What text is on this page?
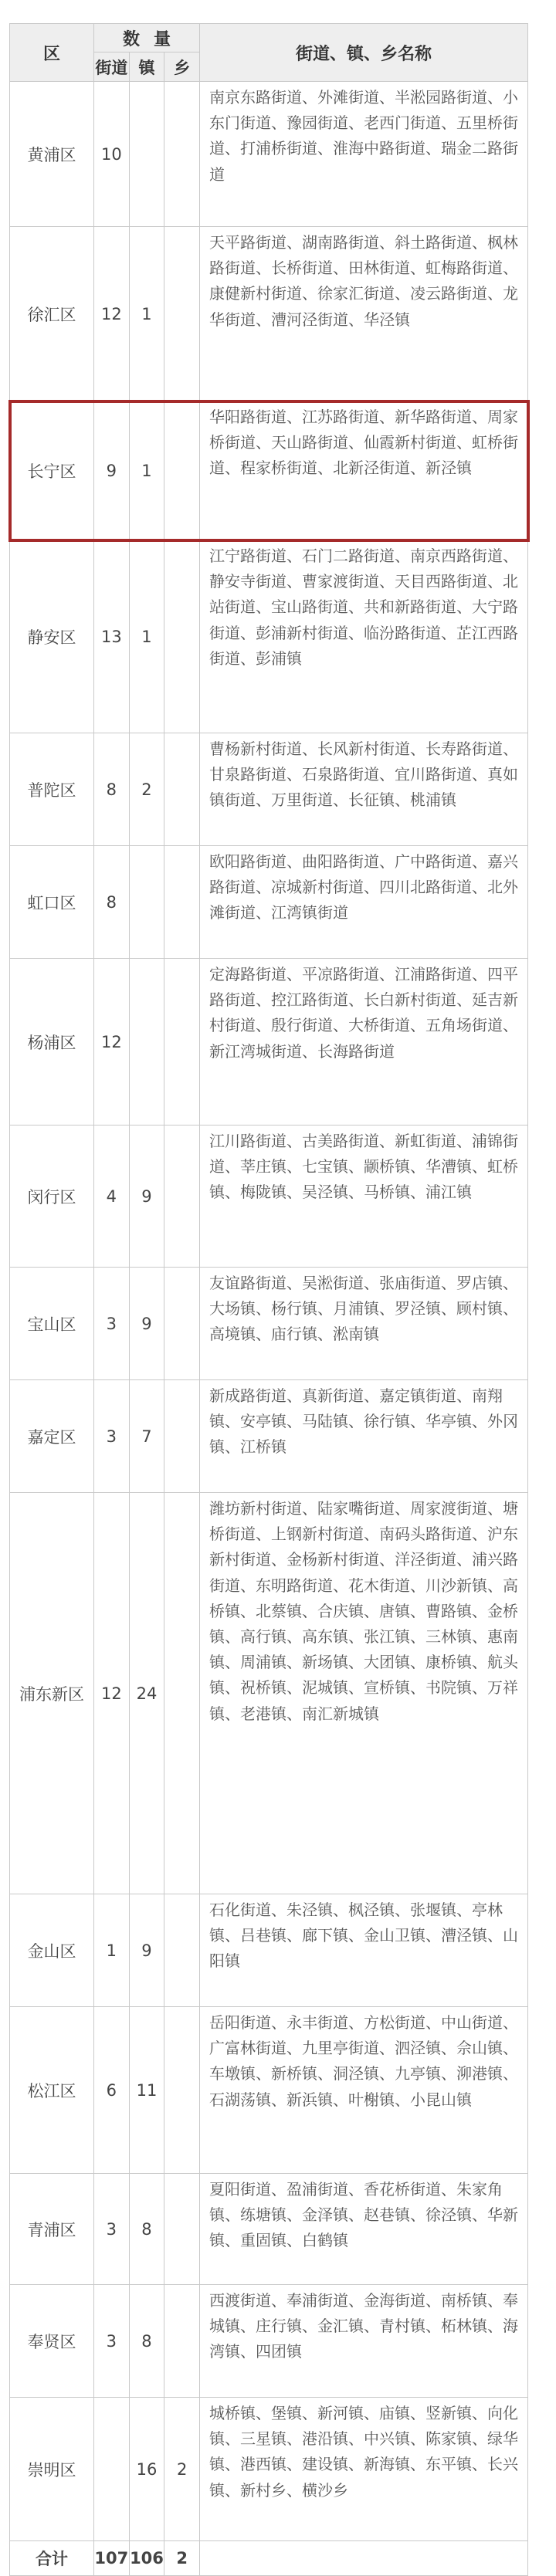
区	数量			街道、镇、乡名称
	街道	镇	乡	
黄浦区	10			南京东路街道、外滩街道、半淞园路街道、小东门街道、豫园街道、老西门街道、五里桥街道、打浦桥街道、淮海中路街道、瑞金二路街道
徐汇区	12	1		天平路街道、湖南路街道、斜土路街道、枫林路街道、长桥街道、田林街道、虹梅路街道、康健新村街道、徐家汇街道、凌云路街道、龙华街道、漕河泾街道、华泾镇
长宁区	9	1		华阳路街道、江苏路街道、新华路街道、周家桥街道、天山路街道、仙霞新村街道、虹桥街道、程家桥街道、北新泾街道、新泾镇
静安区	13	1		江宁路街道、石门二路街道、南京西路街道、静安寺街道、曹家渡街道、天目西路街道、北站街道、宝山路街道、共和新路街道、大宁路街道、彭浦新村街道、临汾路街道、芷江西路街道、彭浦镇
普陀区	8	2		曹杨新村街道、长风新村街道、长寿路街道、甘泉路街道、石泉路街道、宜川路街道、真如镇街道、万里街道、长征镇、桃浦镇
虹口区	8			欧阳路街道、曲阳路街道、广中路街道、嘉兴路街道、凉城新村街道、四川北路街道、北外滩街道、江湾镇街道
杨浦区	12			定海路街道、平凉路街道、江浦路街道、四平路街道、控江路街道、长白新村街道、延吉新村街道、殷行街道、大桥街道、五角场街道、新江湾城街道、长海路街道
闵行区	4	9		江川路街道、古美路街道、新虹街道、浦锦街道、莘庄镇、七宝镇、颛桥镇、华漕镇、虹桥镇、梅陇镇、吴泾镇、马桥镇、浦江镇
宝山区	3	9		友谊路街道、吴淞街道、张庙街道、罗店镇、大场镇、杨行镇、月浦镇、罗泾镇、顾村镇、高境镇、庙行镇、淞南镇
嘉定区	3	7		新成路街道、真新街道、嘉定镇街道、南翔镇、安亭镇、马陆镇、徐行镇、华亭镇、外冈镇、江桥镇
浦东新区	12	24		潍坊新村街道、陆家嘴街道、周家渡街道、塘桥街道、上钢新村街道、南码头路街道、沪东新村街道、金杨新村街道、洋泾街道、浦兴路街道、东明路街道、花木街道、川沙新镇、高桥镇、北蔡镇、合庆镇、唐镇、曹路镇、金桥镇、高行镇、高东镇、张江镇、三林镇、惠南镇、周浦镇、新场镇、大团镇、康桥镇、航头镇、祝桥镇、泥城镇、宣桥镇、书院镇、万祥镇、老港镇、南汇新城镇
金山区	1	9		石化街道、朱泾镇、枫泾镇、张堰镇、亭林镇、吕巷镇、廊下镇、金山卫镇、漕泾镇、山阳镇
松江区	6	11		岳阳街道、永丰街道、方松街道、中山街道、广富林街道、九里亭街道、泗泾镇、佘山镇、车墩镇、新桥镇、洞泾镇、九亭镇、泖港镇、石湖荡镇、新浜镇、叶榭镇、小昆山镇
青浦区	3	8		夏阳街道、盈浦街道、香花桥街道、朱家角镇、练塘镇、金泽镇、赵巷镇、徐泾镇、华新镇、重固镇、白鹤镇
奉贤区	3	8		西渡街道、奉浦街道、金海街道、南桥镇、奉城镇、庄行镇、金汇镇、青村镇、柘林镇、海湾镇、四团镇
崇明区		16	2	城桥镇、堡镇、新河镇、庙镇、竖新镇、向化镇、三星镇、港沿镇、中兴镇、陈家镇、绿华镇、港西镇、建设镇、新海镇、东平镇、长兴镇、新村乡、横沙乡
合计	107	106	2	
